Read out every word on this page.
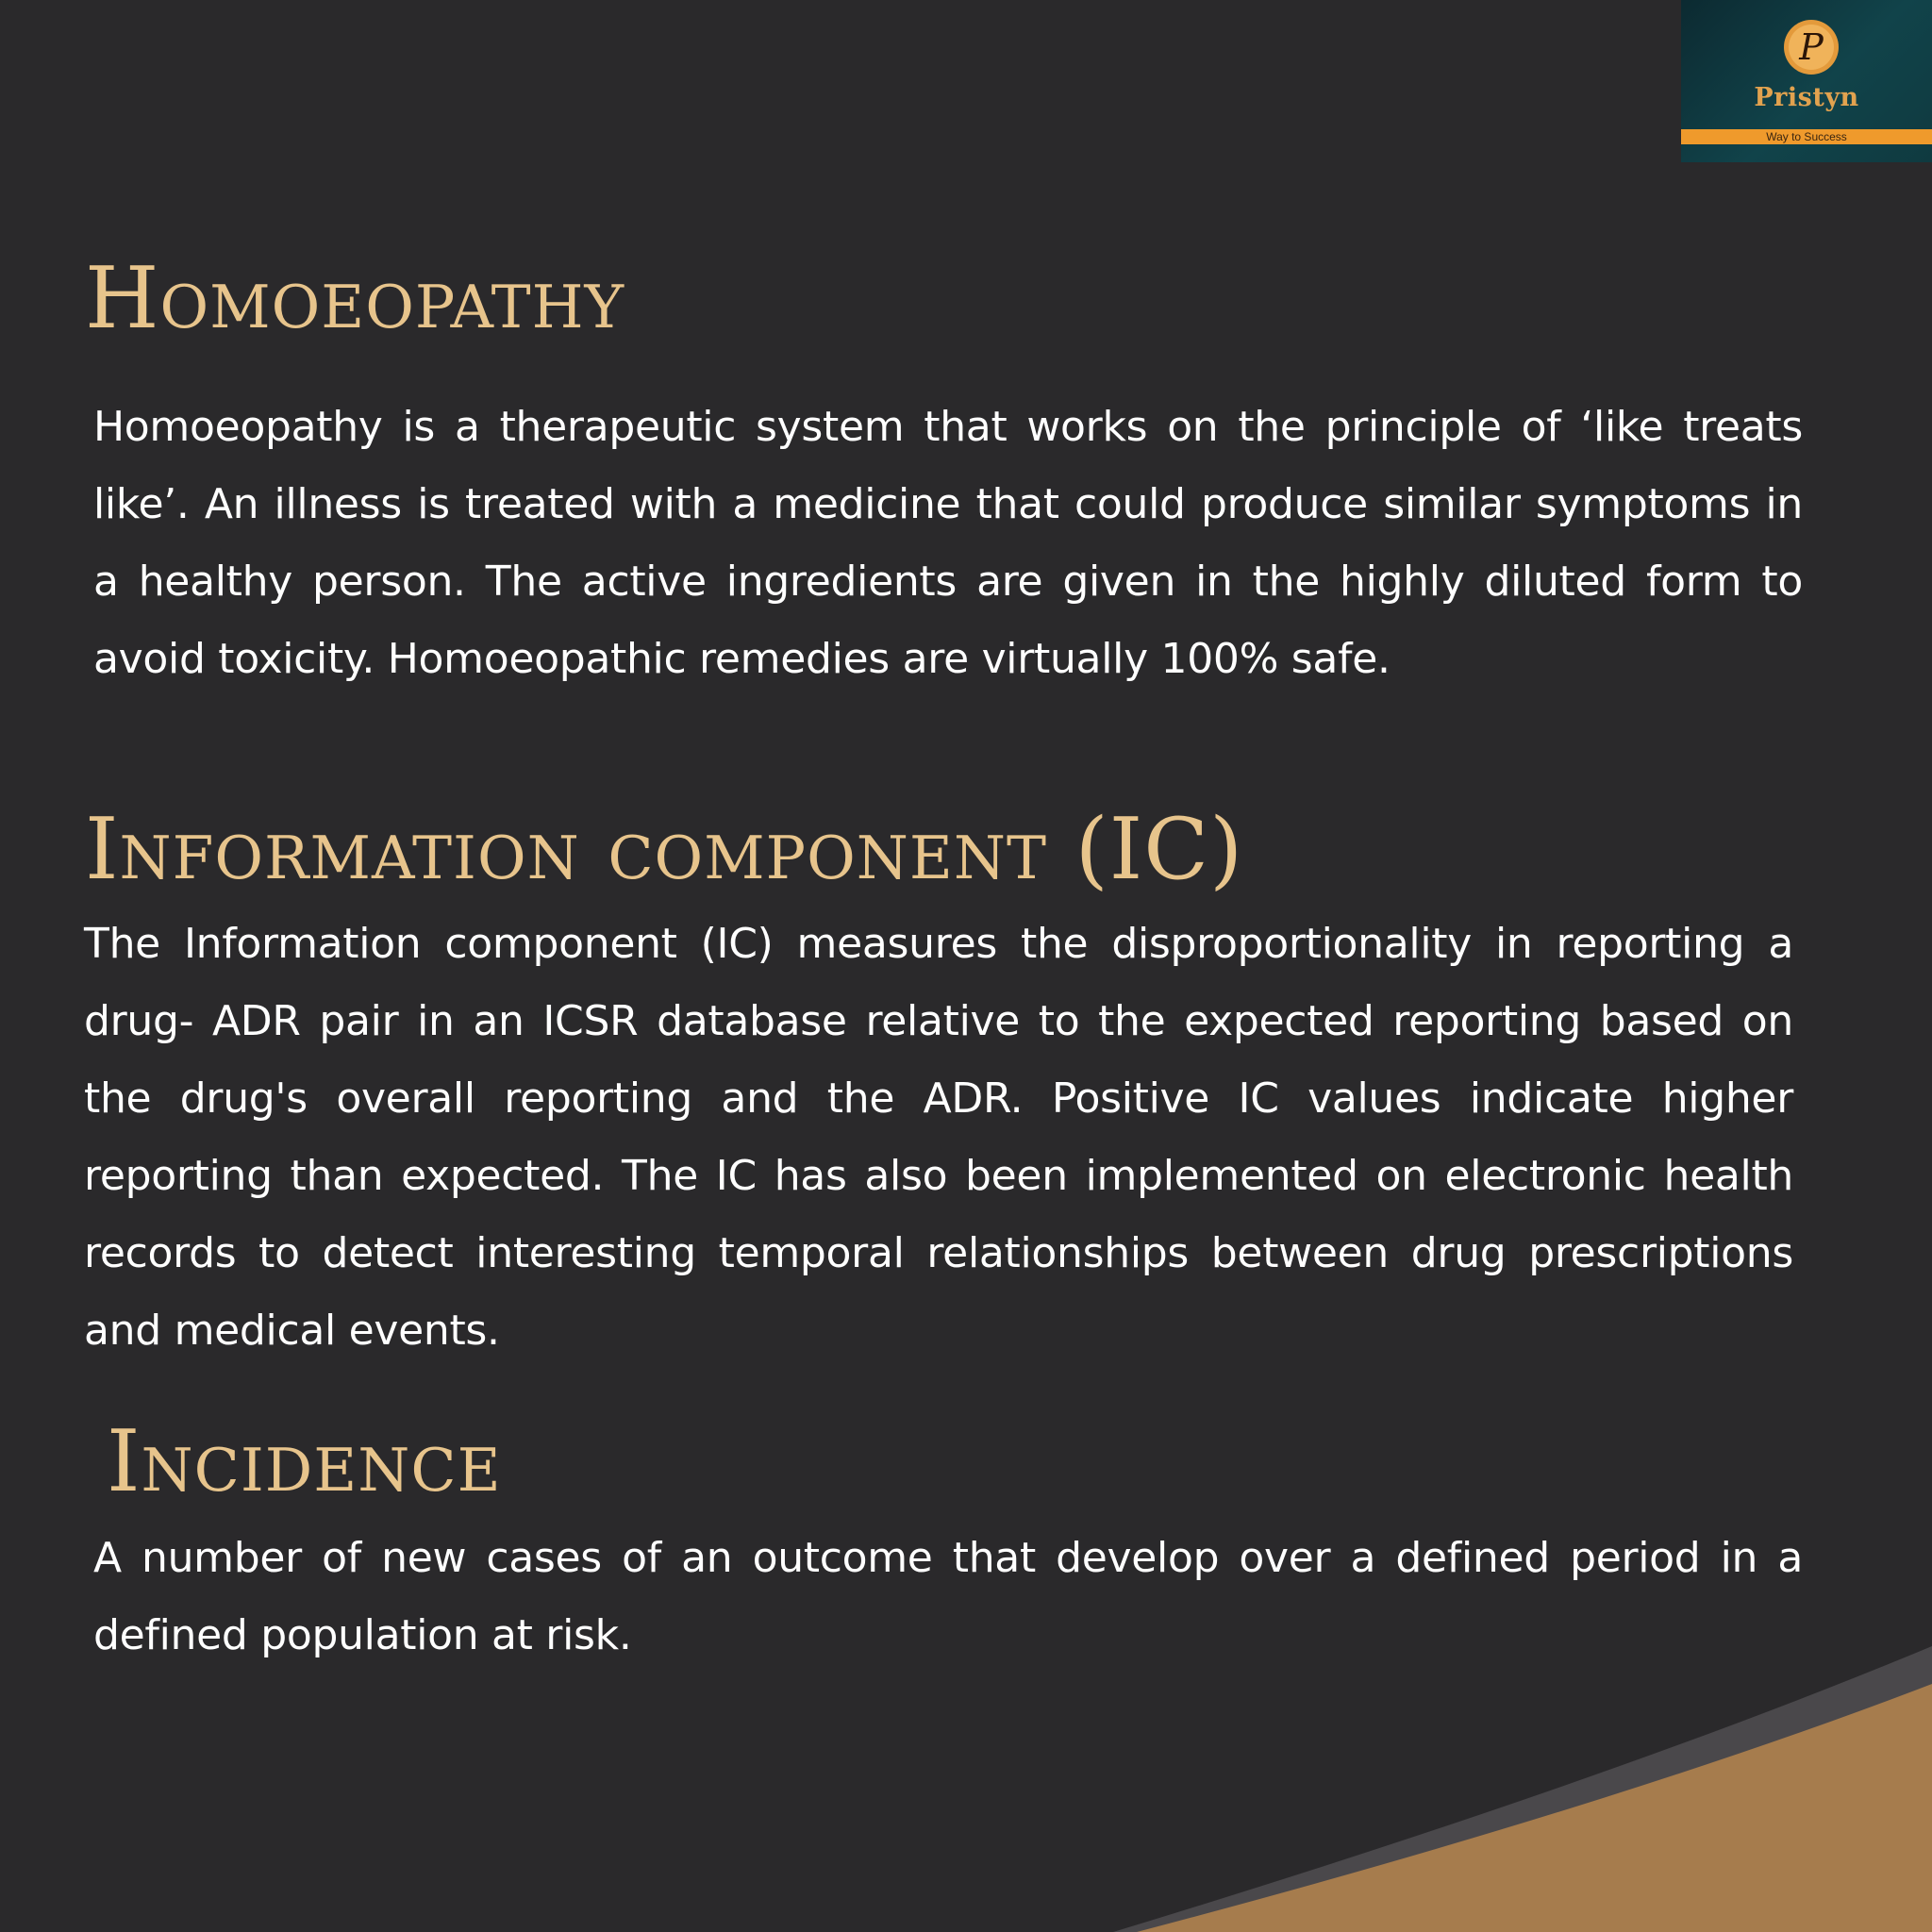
P
Pristyn
Way to Success
Homoeopathy

Homoeopathy is a therapeutic system that works on the principle of ‘like treats like’. An illness is treated with a medicine that could produce similar symptoms in a healthy person. The active ingredients are given in the highly diluted form to avoid toxicity. Homoeopathic remedies are virtually 100% safe.

Information component (IC)

The Information component (IC) measures the disproportionality in reporting a drug- ADR pair in an ICSR database relative to the expected reporting based on the drug's overall reporting and the ADR. Positive IC values indicate higher reporting than expected. The IC has also been implemented on electronic health records to detect interesting temporal relationships between drug prescriptions and medical events.

Incidence

A number of new cases of an outcome that develop over a defined period in a defined population at risk.
